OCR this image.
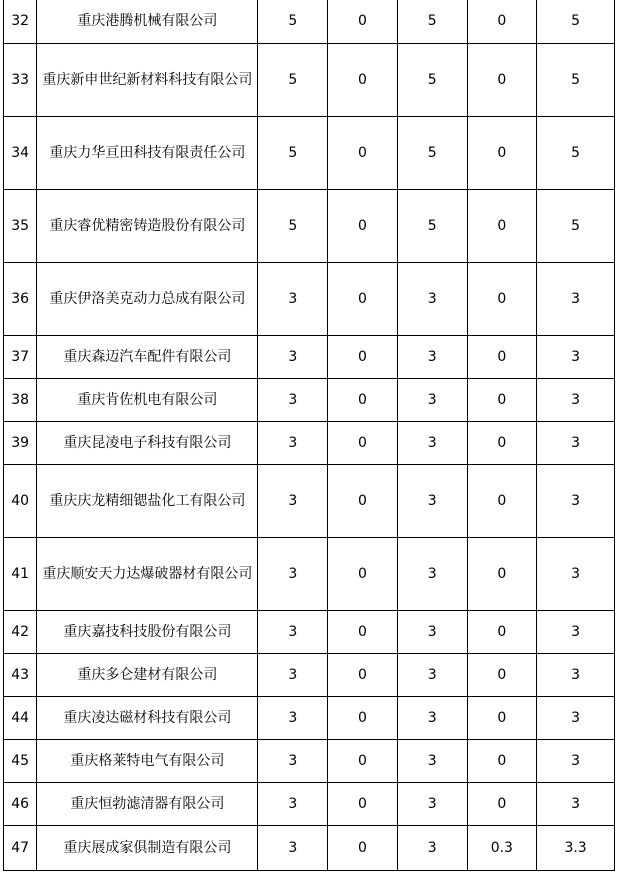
32	重庆港腾机械有限公司	5	0	5	0	5
33	重庆新申世纪新材料科技有限公司	5	0	5	0	5
34	重庆力华亘田科技有限责任公司	5	0	5	0	5
35	重庆睿优精密铸造股份有限公司	5	0	5	0	5
36	重庆伊洛美克动力总成有限公司	3	0	3	0	3
37	重庆森迈汽车配件有限公司	3	0	3	0	3
38	重庆肯佐机电有限公司	3	0	3	0	3
39	重庆昆凌电子科技有限公司	3	0	3	0	3
40	重庆庆龙精细锶盐化工有限公司	3	0	3	0	3
41	重庆顺安天力达爆破器材有限公司	3	0	3	0	3
42	重庆嘉技科技股份有限公司	3	0	3	0	3
43	重庆多仑建材有限公司	3	0	3	0	3
44	重庆凌达磁材科技有限公司	3	0	3	0	3
45	重庆格莱特电气有限公司	3	0	3	0	3
46	重庆恒勃滤清器有限公司	3	0	3	0	3
47	重庆展成家俱制造有限公司	3	0	3	0.3	3.3
